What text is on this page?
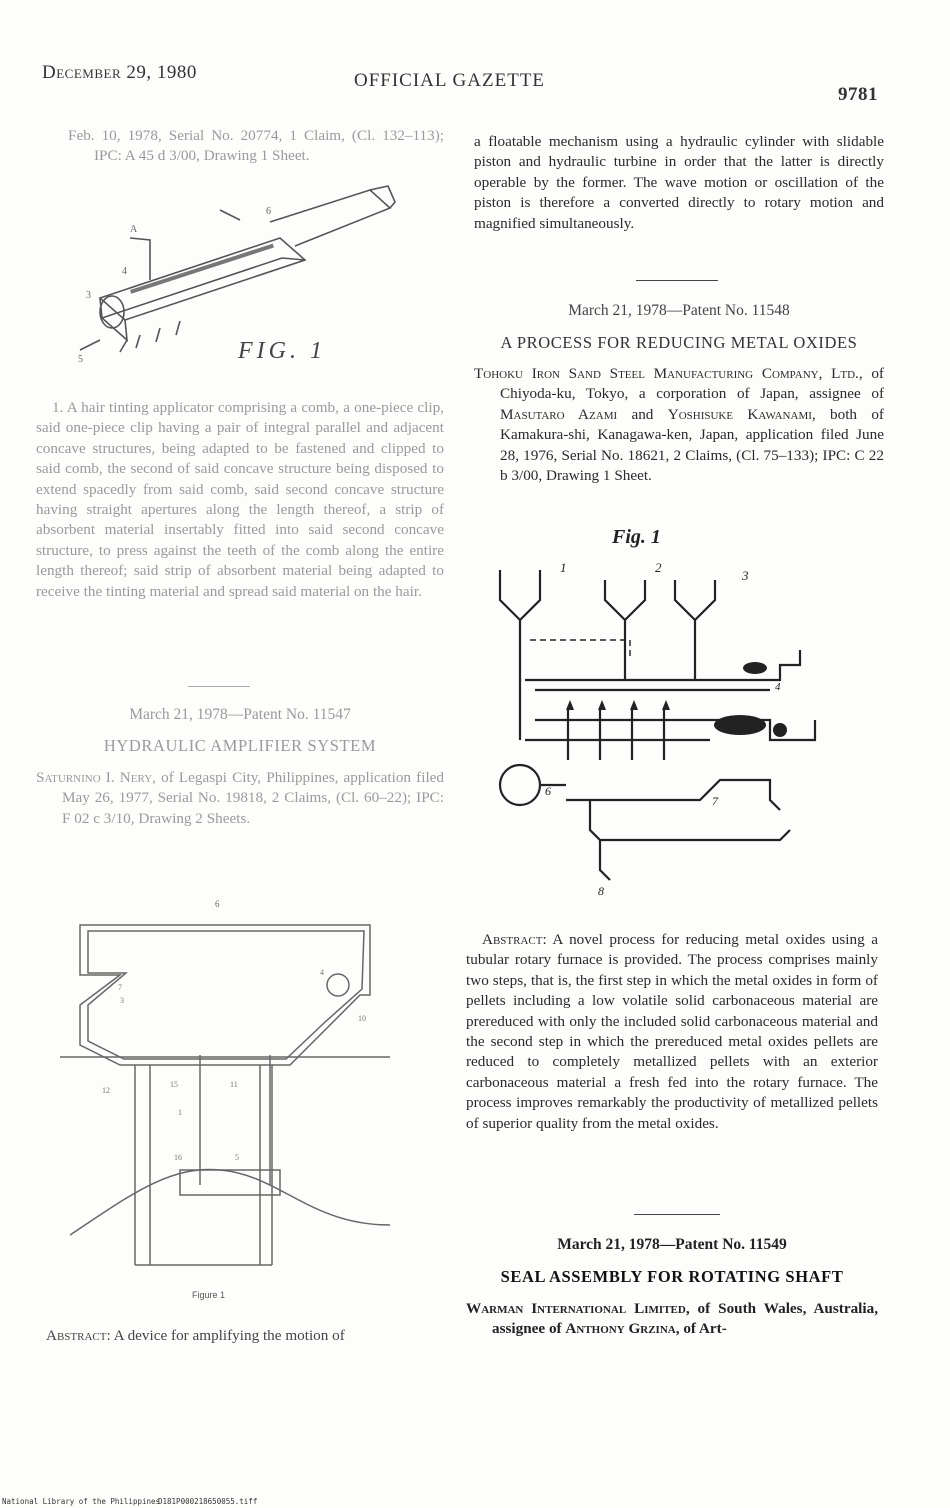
December 29, 1980	OFFICIAL GAZETTE
9781

Feb. 10, 1978, Serial No. 20774, 1 Claim, (Cl. 132–113); IPC: A 45 d 3/00, Drawing 1 Sheet.

A
3
4
5
6
FIG. 1

1. A hair tinting applicator comprising a comb, a one-piece clip, said one-piece clip having a pair of integral parallel and adjacent concave structures, being adapted to be fastened and clipped to said comb, the second of said concave structure being disposed to extend spacedly from said comb, said second concave structure having straight apertures along the length thereof, a strip of absorbent material insertably fitted into said second concave structure, to press against the teeth of the comb along the entire length thereof; said strip of absorbent material being adapted to receive the tinting material and spread said material on the hair.

March 21, 1978—Patent No. 11547
HYDRAULIC AMPLIFIER SYSTEM

Saturnino I. Nery, of Legaspi City, Philippines, application filed May 26, 1977, Serial No. 19818, 2 Claims, (Cl. 60–22); IPC: F 02 c 3/10, Drawing 2 Sheets.

6
7
3
12
15	11
1
16	5
4
10
Figure 1

Abstract: A device for amplifying the motion of

a floatable mechanism using a hydraulic cylinder with slidable piston and hydraulic turbine in order that the latter is directly operable by the former. The wave motion or oscillation of the piston is therefore a converted directly to rotary motion and magnified simultaneously.

March 21, 1978—Patent No. 11548
A PROCESS FOR REDUCING METAL OXIDES

Tohoku Iron Sand Steel Manufacturing Company, Ltd., of Chiyoda-ku, Tokyo, a corporation of Japan, assignee of Masutaro Azami and Yoshisuke Kawanami, both of Kamakura-shi, Kanagawa-ken, Japan, application filed June 28, 1976, Serial No. 18621, 2 Claims, (Cl. 75–133); IPC: C 22 b 3/00, Drawing 1 Sheet.

Fig. 1
1	2
3
4
6
8
7

Abstract: A novel process for reducing metal oxides using a tubular rotary furnace is provided. The process comprises mainly two steps, that is, the first step in which the metal oxides in form of pellets including a low volatile solid carbonaceous material are prereduced with only the included solid carbonaceous material and the second step in which the prereduced metal oxides pellets are reduced to completely metallized pellets with an exterior carbonaceous material a fresh fed into the rotary furnace. The process improves remarkably the productivity of metallized pellets of superior quality from the metal oxides.

March 21, 1978—Patent No. 11549
SEAL ASSEMBLY FOR ROTATING SHAFT

Warman International Limited, of South Wales, Australia, assignee of Anthony Grzina, of Art-

National Library of the Philippines
D181P000218650055.tiff
